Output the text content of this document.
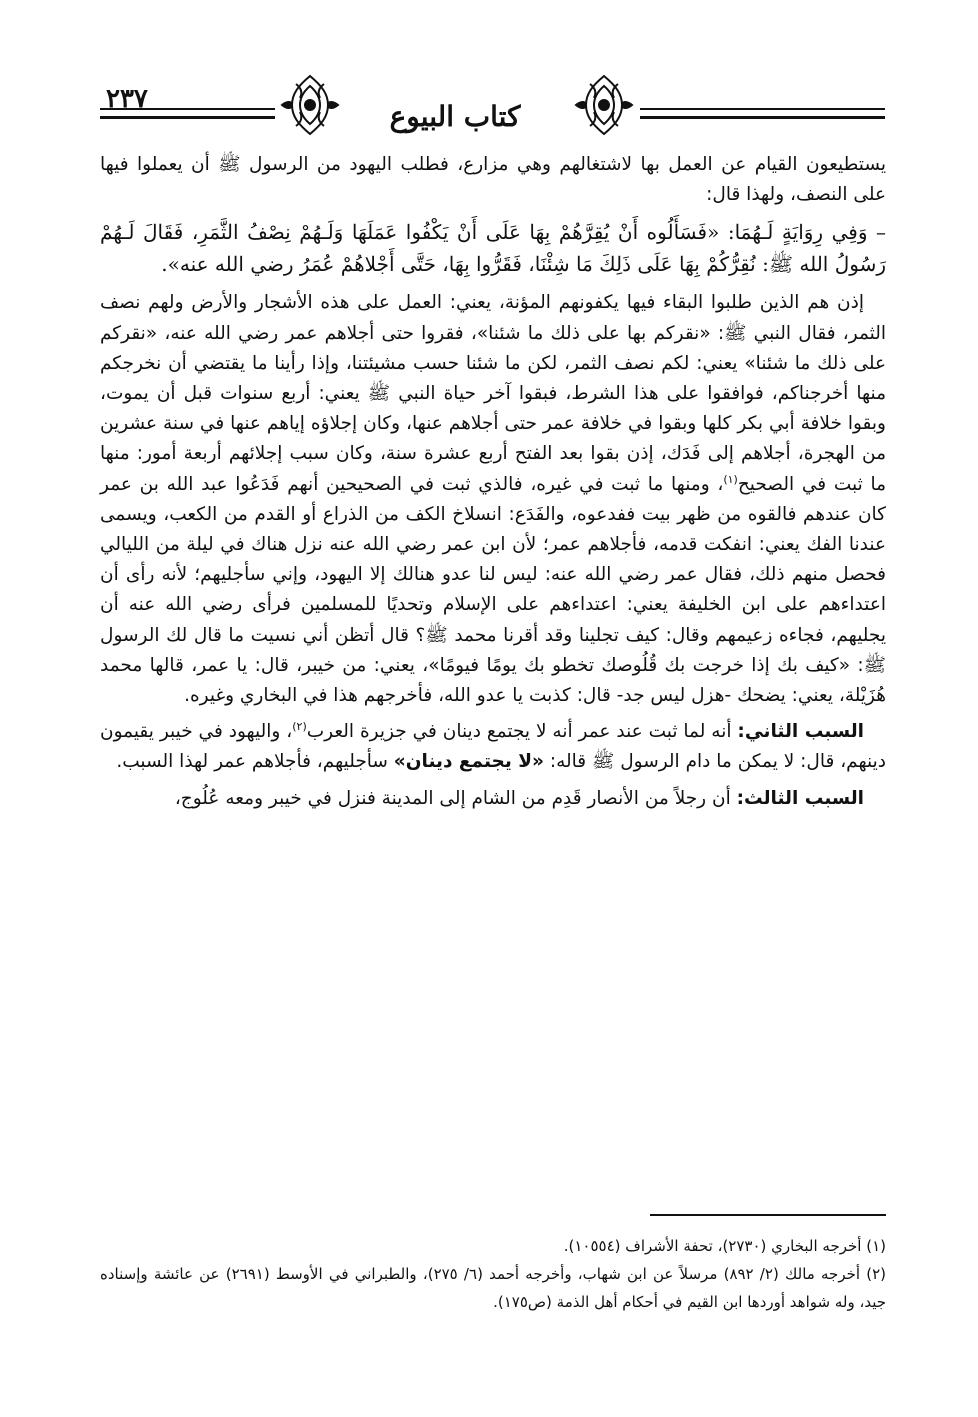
٢٣٧
كتاب البيوع

يستطيعون القيام عن العمل بها لاشتغالهم وهي مزارع، فطلب اليهود من الرسول ﷺ أن يعملوا فيها على النصف، ولهذا قال:

– وَفِي رِوَايَةٍ لَـهُمَا: «فَسَأَلُوه أَنْ يُقِرَّهُمْ بِهَا عَلَى أَنْ يَكْفُوا عَمَلَهَا وَلَـهُمْ نِصْفُ الثَّمَرِ، فَقَالَ لَـهُمْ رَسُولُ الله ﷺ: نُقِرُّكُمْ بِهَا عَلَى ذَلِكَ مَا شِئْنَا، فَقَرُّوا بِهَا، حَتَّى أَجْلاهُمْ عُمَرُ رضي الله عنه».

إذن هم الذين طلبوا البقاء فيها يكفونهم المؤنة، يعني: العمل على هذه الأشجار والأرض ولهم نصف الثمر، فقال النبي ﷺ: «نقركم بها على ذلك ما شئنا»، فقروا حتى أجلاهم عمر رضي الله عنه، «نقركم على ذلك ما شئنا» يعني: لكم نصف الثمر، لكن ما شئنا حسب مشيئتنا، وإذا رأينا ما يقتضي أن نخرجكم منها أخرجناكم، فوافقوا على هذا الشرط، فبقوا آخر حياة النبي ﷺ يعني: أربع سنوات قبل أن يموت، وبقوا خلافة أبي بكر كلها وبقوا في خلافة عمر حتى أجلاهم عنها، وكان إجلاؤه إياهم عنها في سنة عشرين من الهجرة، أجلاهم إلى فَدَك، إذن بقوا بعد الفتح أربع عشرة سنة، وكان سبب إجلائهم أربعة أمور: منها ما ثبت في الصحيح$^{(١)}$، ومنها ما ثبت في غيره، فالذي ثبت في الصحيحين أنهم فَدَعُوا عبد الله بن عمر كان عندهم فالقوه من ظهر بيت ففدعوه، والفَدَع: انسلاخ الكف من الذراع أو القدم من الكعب، ويسمى عندنا الفك يعني: انفكت قدمه، فأجلاهم عمر؛ لأن ابن عمر رضي الله عنه نزل هناك في ليلة من الليالي فحصل منهم ذلك، فقال عمر رضي الله عنه: ليس لنا عدو هنالك إلا اليهود، وإني سأجليهم؛ لأنه رأى أن اعتداءهم على ابن الخليفة يعني: اعتداءهم على الإسلام وتحديًا للمسلمين فرأى رضي الله عنه أن يجليهم، فجاءه زعيمهم وقال: كيف تجلينا وقد أقرنا محمد ﷺ؟ قال أتظن أني نسيت ما قال لك الرسول ﷺ: «كيف بك إذا خرجت بك قُلُوصك تخطو بك يومًا فيومًا»، يعني: من خيبر، قال: يا عمر، قالها محمد هُزَيْلة، يعني: يضحك -هزل ليس جد- قال: كذبت يا عدو الله، فأخرجهم هذا في البخاري وغيره.

السبب الثاني: أنه لما ثبت عند عمر أنه لا يجتمع دينان في جزيرة العرب$^{(٢)}$، واليهود في خيبر يقيمون دينهم، قال: لا يمكن ما دام الرسول ﷺ قاله: «لا يجتمع دينان» سأجليهم، فأجلاهم عمر لهذا السبب.

السبب الثالث: أن رجلاً من الأنصار قَدِم من الشام إلى المدينة فنزل في خيبر ومعه عُلُوج،

(١) أخرجه البخاري (٢٧٣٠)، تحفة الأشراف (١٠٥٥٤).

(٢) أخرجه مالك (٢/ ٨٩٢) مرسلاً عن ابن شهاب، وأخرجه أحمد (٦/ ٢٧٥)، والطبراني في الأوسط (٢٦٩١) عن عائشة وإسناده جيد، وله شواهد أوردها ابن القيم في أحكام أهل الذمة (ص١٧٥).
